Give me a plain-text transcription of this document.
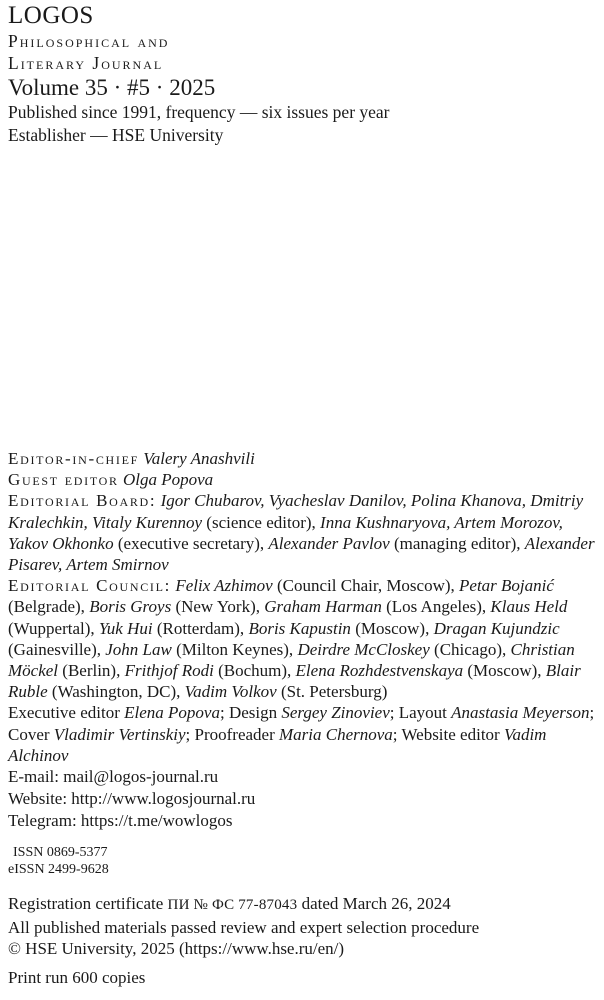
LOGOS
Philosophical and
Literary Journal
Volume 35 · #5 · 2025
Published since 1991, frequency — six issues per year
Establisher — HSE University

Editor-in-chief Valery Anashvili

Guest editor Olga Popova

Editorial Board: Igor Chubarov, Vyacheslav Danilov, Polina Khanova, Dmitriy Kralechkin, Vitaly Kurennoy (science editor), Inna Kushnaryova, Artem Morozov, Yakov Okhonko (executive secretary), Alexander Pavlov (managing editor), Alexander Pisarev, Artem Smirnov

Editorial Council: Felix Azhimov (Council Chair, Moscow), Petar Bojanić (Belgrade), Boris Groys (New York), Graham Harman (Los Angeles), Klaus Held (Wuppertal), Yuk Hui (Rotterdam), Boris Kapustin (Moscow), Dragan Kujundzic (Gainesville), John Law (Milton Keynes), Deirdre McCloskey (Chicago), Christian Möckel (Berlin), Frithjof Rodi (Bochum), Elena Rozhdestvenskaya (Moscow), Blair Ruble (Washington, DC), Vadim Volkov (St. Petersburg)

Executive editor Elena Popova; Design Sergey Zinoviev; Layout Anastasia Meyerson; Cover Vladimir Vertinskiy; Proofreader Maria Chernova; Website editor Vadim Alchinov

E-mail: mail@logos-journal.ru
Website: http://www.logosjournal.ru
Telegram: https://t.me/wowlogos
ISSN 0869-5377
eISSN 2499-9628

Registration certificate ПИ № ФС 77-87043 dated March 26, 2024

All published materials passed review and expert selection procedure
© HSE University, 2025 (https://www.hse.ru/en/)

Print run 600 copies
